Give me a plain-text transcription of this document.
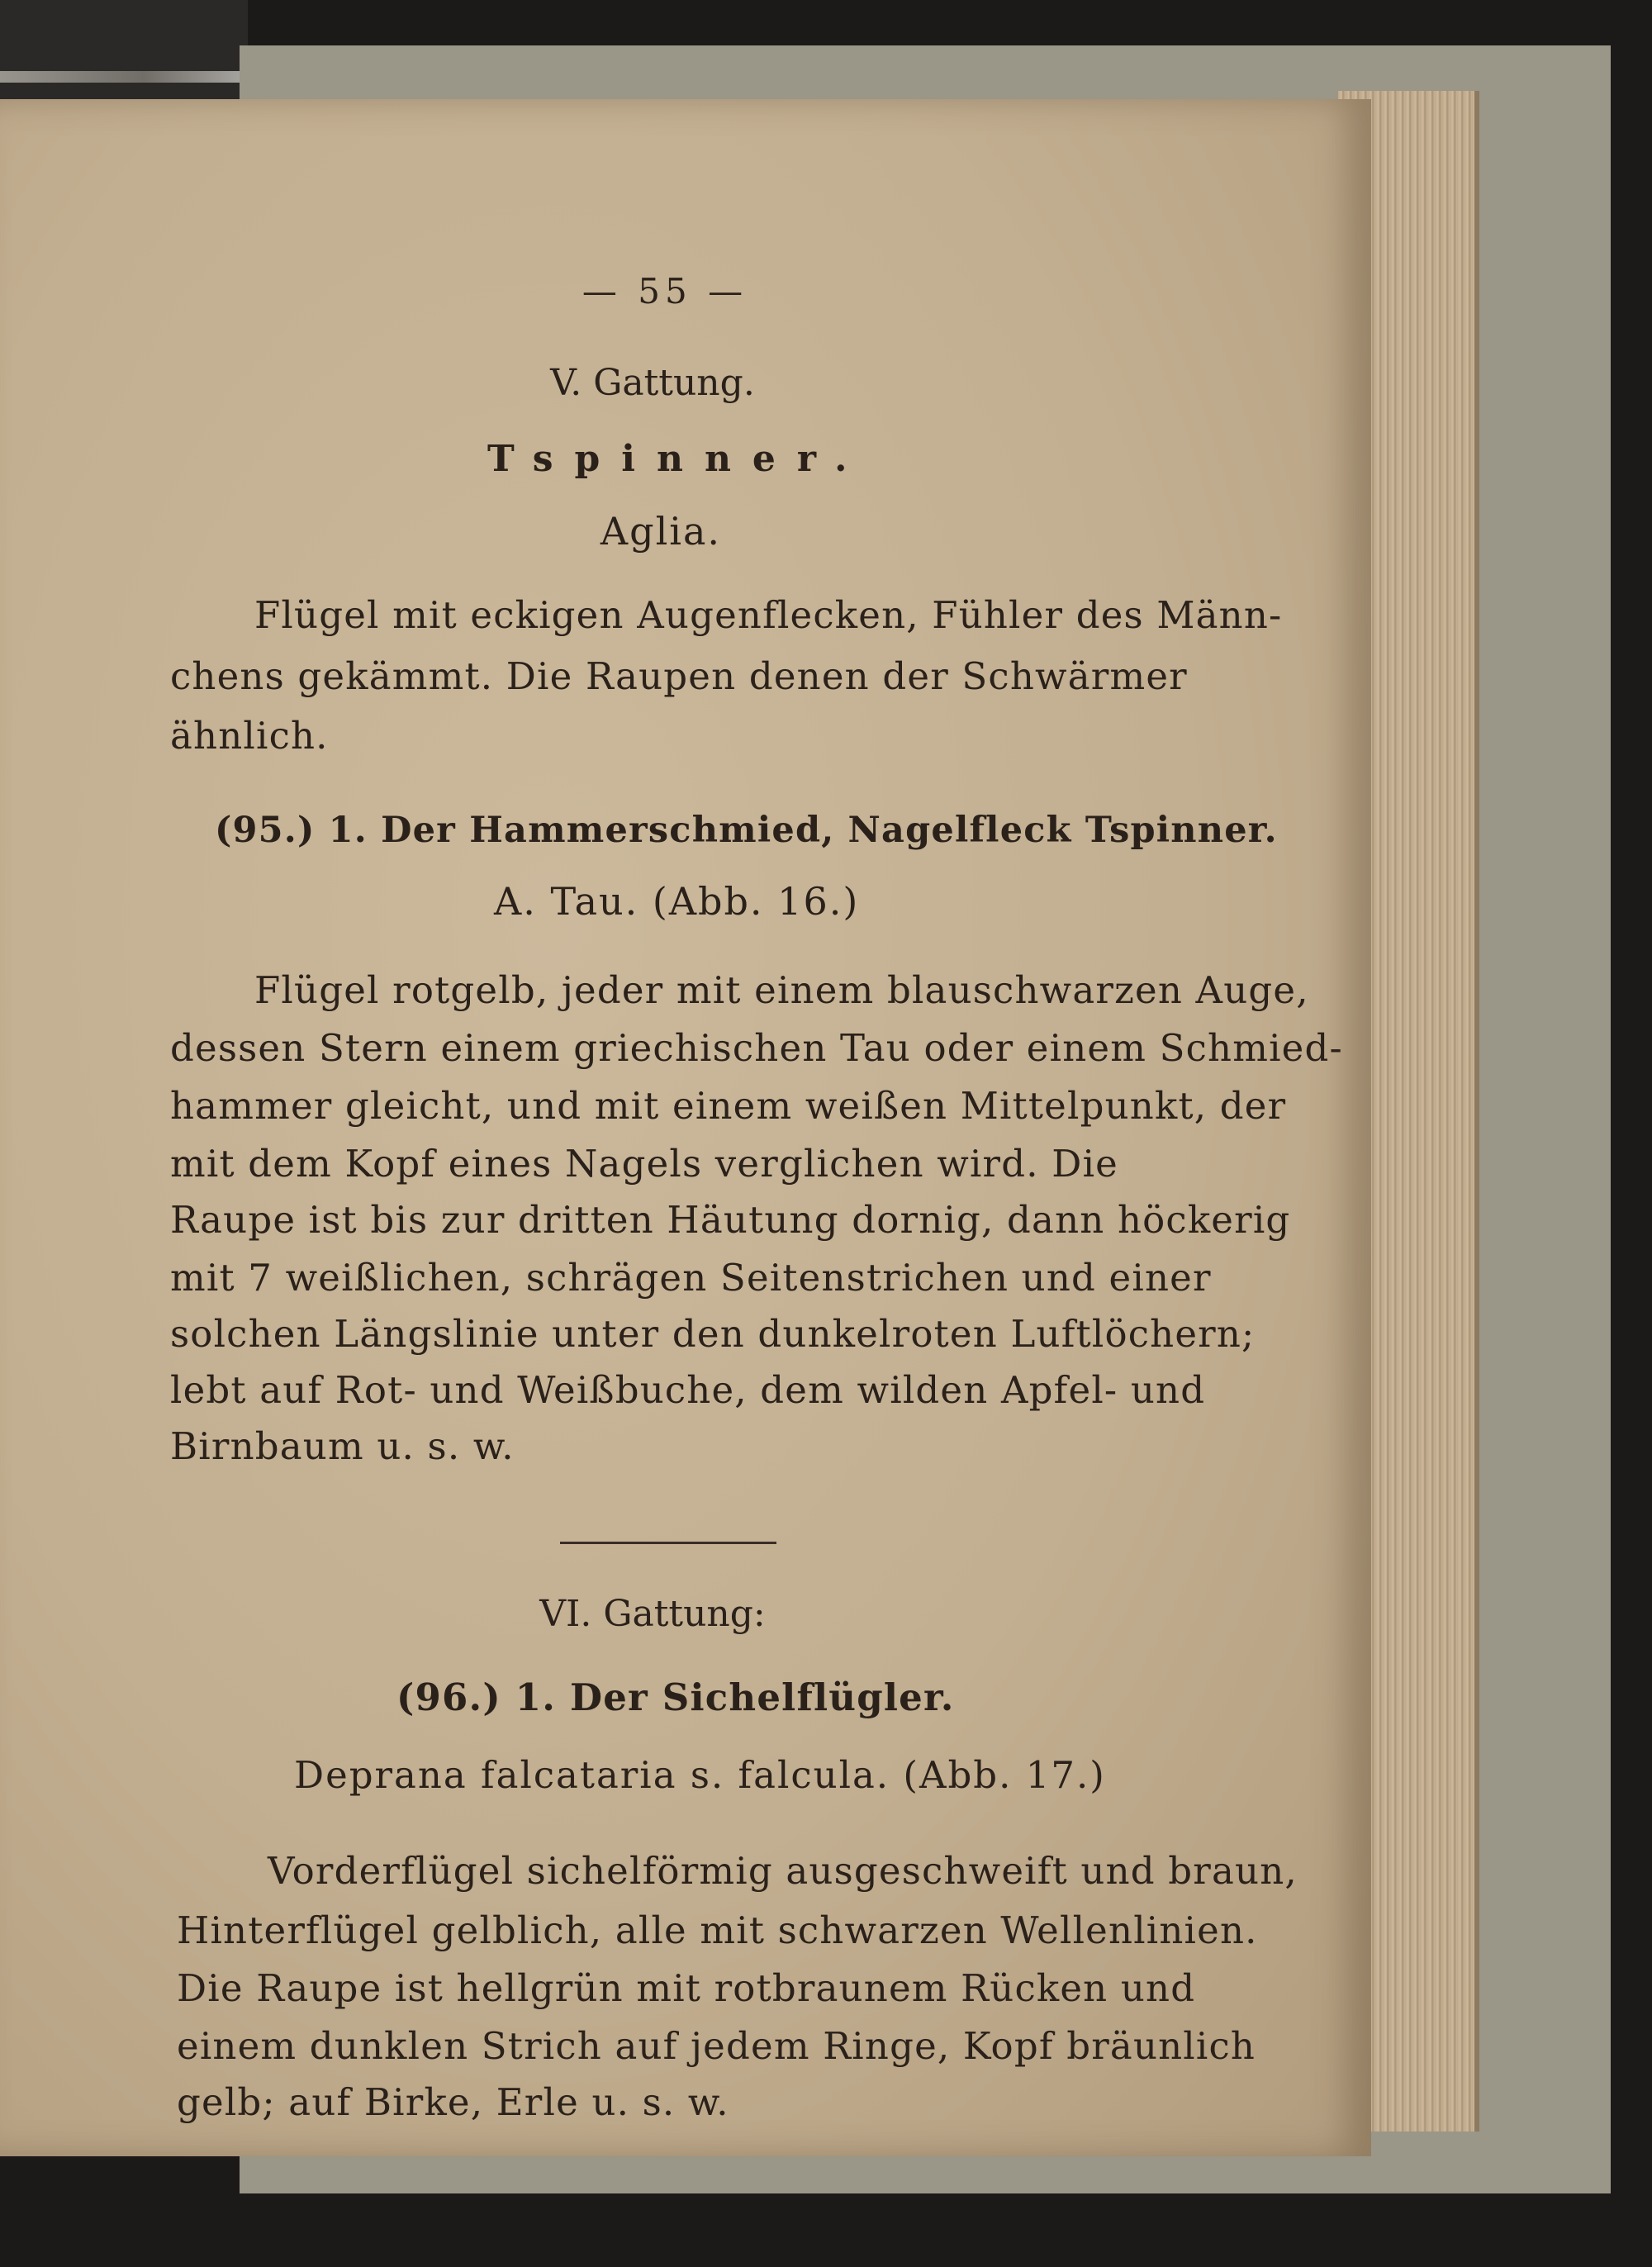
— 55 —
V. Gattung.
Tspinner.
Aglia.
Flügel mit eckigen Augenflecken, Fühler des Männ-
chens gekämmt. Die Raupen denen der Schwärmer
ähnlich.
(95.) 1. Der Hammerschmied, Nagelfleck Tspinner.
A. Tau. (Abb. 16.)
Flügel rotgelb, jeder mit einem blauschwarzen Auge,
dessen Stern einem griechischen Tau oder einem Schmied-
hammer gleicht, und mit einem weißen Mittelpunkt, der
mit dem Kopf eines Nagels verglichen wird. Die
Raupe ist bis zur dritten Häutung dornig, dann höckerig
mit 7 weißlichen, schrägen Seitenstrichen und einer
solchen Längslinie unter den dunkelroten Luftlöchern;
lebt auf Rot- und Weißbuche, dem wilden Apfel- und
Birnbaum u. s. w.
VI. Gattung:
(96.) 1. Der Sichelflügler.
Deprana falcataria s. falcula. (Abb. 17.)
Vorderflügel sichelförmig ausgeschweift und braun,
Hinterflügel gelblich, alle mit schwarzen Wellenlinien.
Die Raupe ist hellgrün mit rotbraunem Rücken und
einem dunklen Strich auf jedem Ringe, Kopf bräunlich
gelb; auf Birke, Erle u. s. w.
